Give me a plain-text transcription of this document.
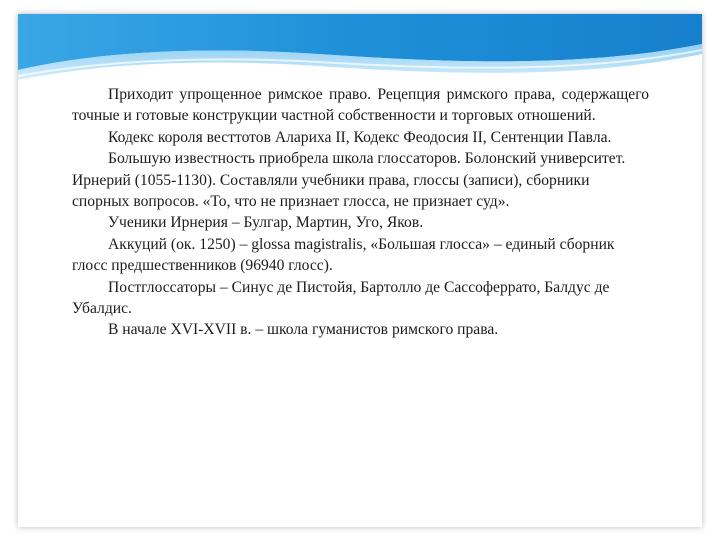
Приходит упрощенное римское право. Рецепция римского права, содержащего точные и готовые конструкции частной собственности и торговых отношений.

Кодекс короля весттотов Алариха II, Кодекс Феодосия II, Сентенции Павла.

Большую известность приобрела школа глоссаторов. Болонский университет. Ирнерий (1055-1130). Составляли учебники права, глоссы (записи), сборники спорных вопросов. «То, что не признает глосса, не признает суд».

Ученики Ирнерия – Булгар, Мартин, Уго, Яков.

Аккуций (ок. 1250) – glossa magistralis, «Большая глосса» – единый сборник глосс предшественников (96940 глосс).

Постглоссаторы – Синус де Пистойя, Бартолло де Сассоферрато, Балдус де Убалдис.

В начале XVI-XVII в. – школа гуманистов римского права.
